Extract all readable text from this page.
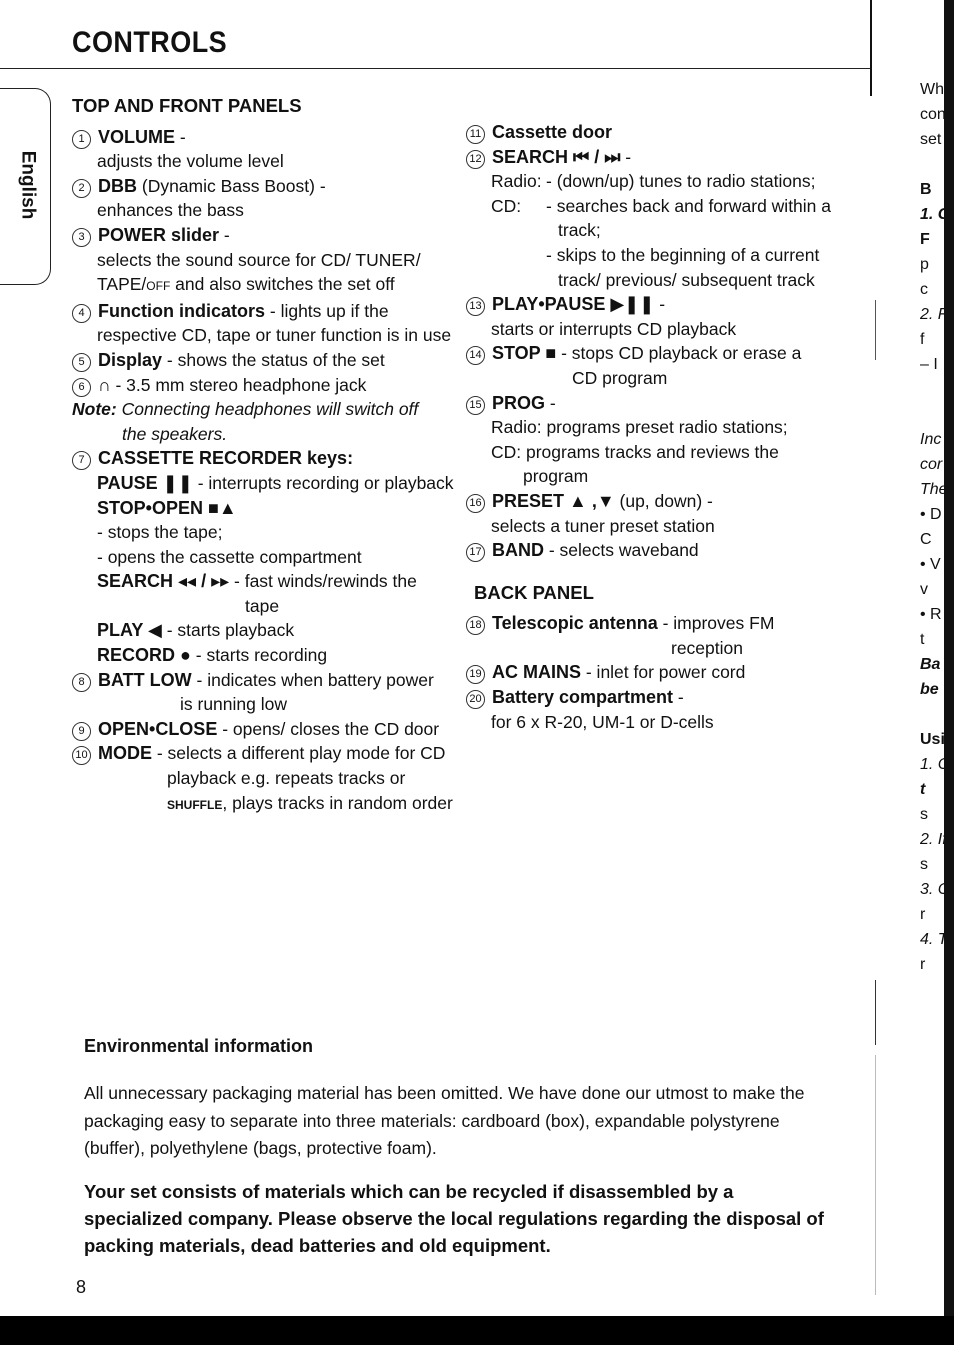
CONTROLS
English
TOP AND FRONT PANELS
1 VOLUME -
adjusts the volume level
2 DBB (Dynamic Bass Boost) -
enhances the bass
3 POWER slider -
selects the sound source for CD/ TUNER/
TAPE/OFF and also switches the set off
4 Function indicators - lights up if the
respective CD, tape or tuner function is in use
5 Display - shows the status of the set
6 ∩ - 3.5 mm stereo headphone jack
Note: Connecting headphones will switch off
the speakers.
7 CASSETTE RECORDER keys:
PAUSE ❚❚ - interrupts recording or playback
STOP•OPEN ■▲
- stops the tape;
- opens the cassette compartment
SEARCH ◂◂ / ▸▸ - fast winds/rewinds the
tape
PLAY ◀ - starts playback
RECORD ● - starts recording
8 BATT LOW - indicates when battery power
is running low
9 OPEN•CLOSE - opens/ closes the CD door
10 MODE - selects a different play mode for CD
playback e.g. repeats tracks or
SHUFFLE, plays tracks in random order
11 Cassette door
12 SEARCH ⏮ / ⏭ -
Radio: - (down/up) tunes to radio stations;
CD: - searches back and forward within a
track;
- skips to the beginning of a current
track/ previous/ subsequent track
13 PLAY•PAUSE ▶❚❚ -
starts or interrupts CD playback
14 STOP ■ - stops CD playback or erase a
CD program
15 PROG -
Radio: programs preset radio stations;
CD: programs tracks and reviews the
program
16 PRESET ▲ ,▼ (up, down) -
selects a tuner preset station
17 BAND - selects waveband
BACK PANEL
18 Telescopic antenna - improves FM
reception
19 AC MAINS - inlet for power cord
20 Battery compartment -
for 6 x R-20, UM-1 or D-cells
Wh
con
set
B
1. C
F
p
c
2. F
f
– I
Inc
cor
The
• D
C
• V
v
• R
t
Ba
be
Usi
1. C
t
s
2. If
s
3. C
r
4. T
r
Environmental information
All unnecessary packaging material has been omitted. We have done our utmost to make the packaging easy to separate into three materials: cardboard (box), expandable polystyrene (buffer), polyethylene (bags, protective foam).
Your set consists of materials which can be recycled if disassembled by a specialized company. Please observe the local regulations regarding the disposal of packing materials, dead batteries and old equipment.
8
